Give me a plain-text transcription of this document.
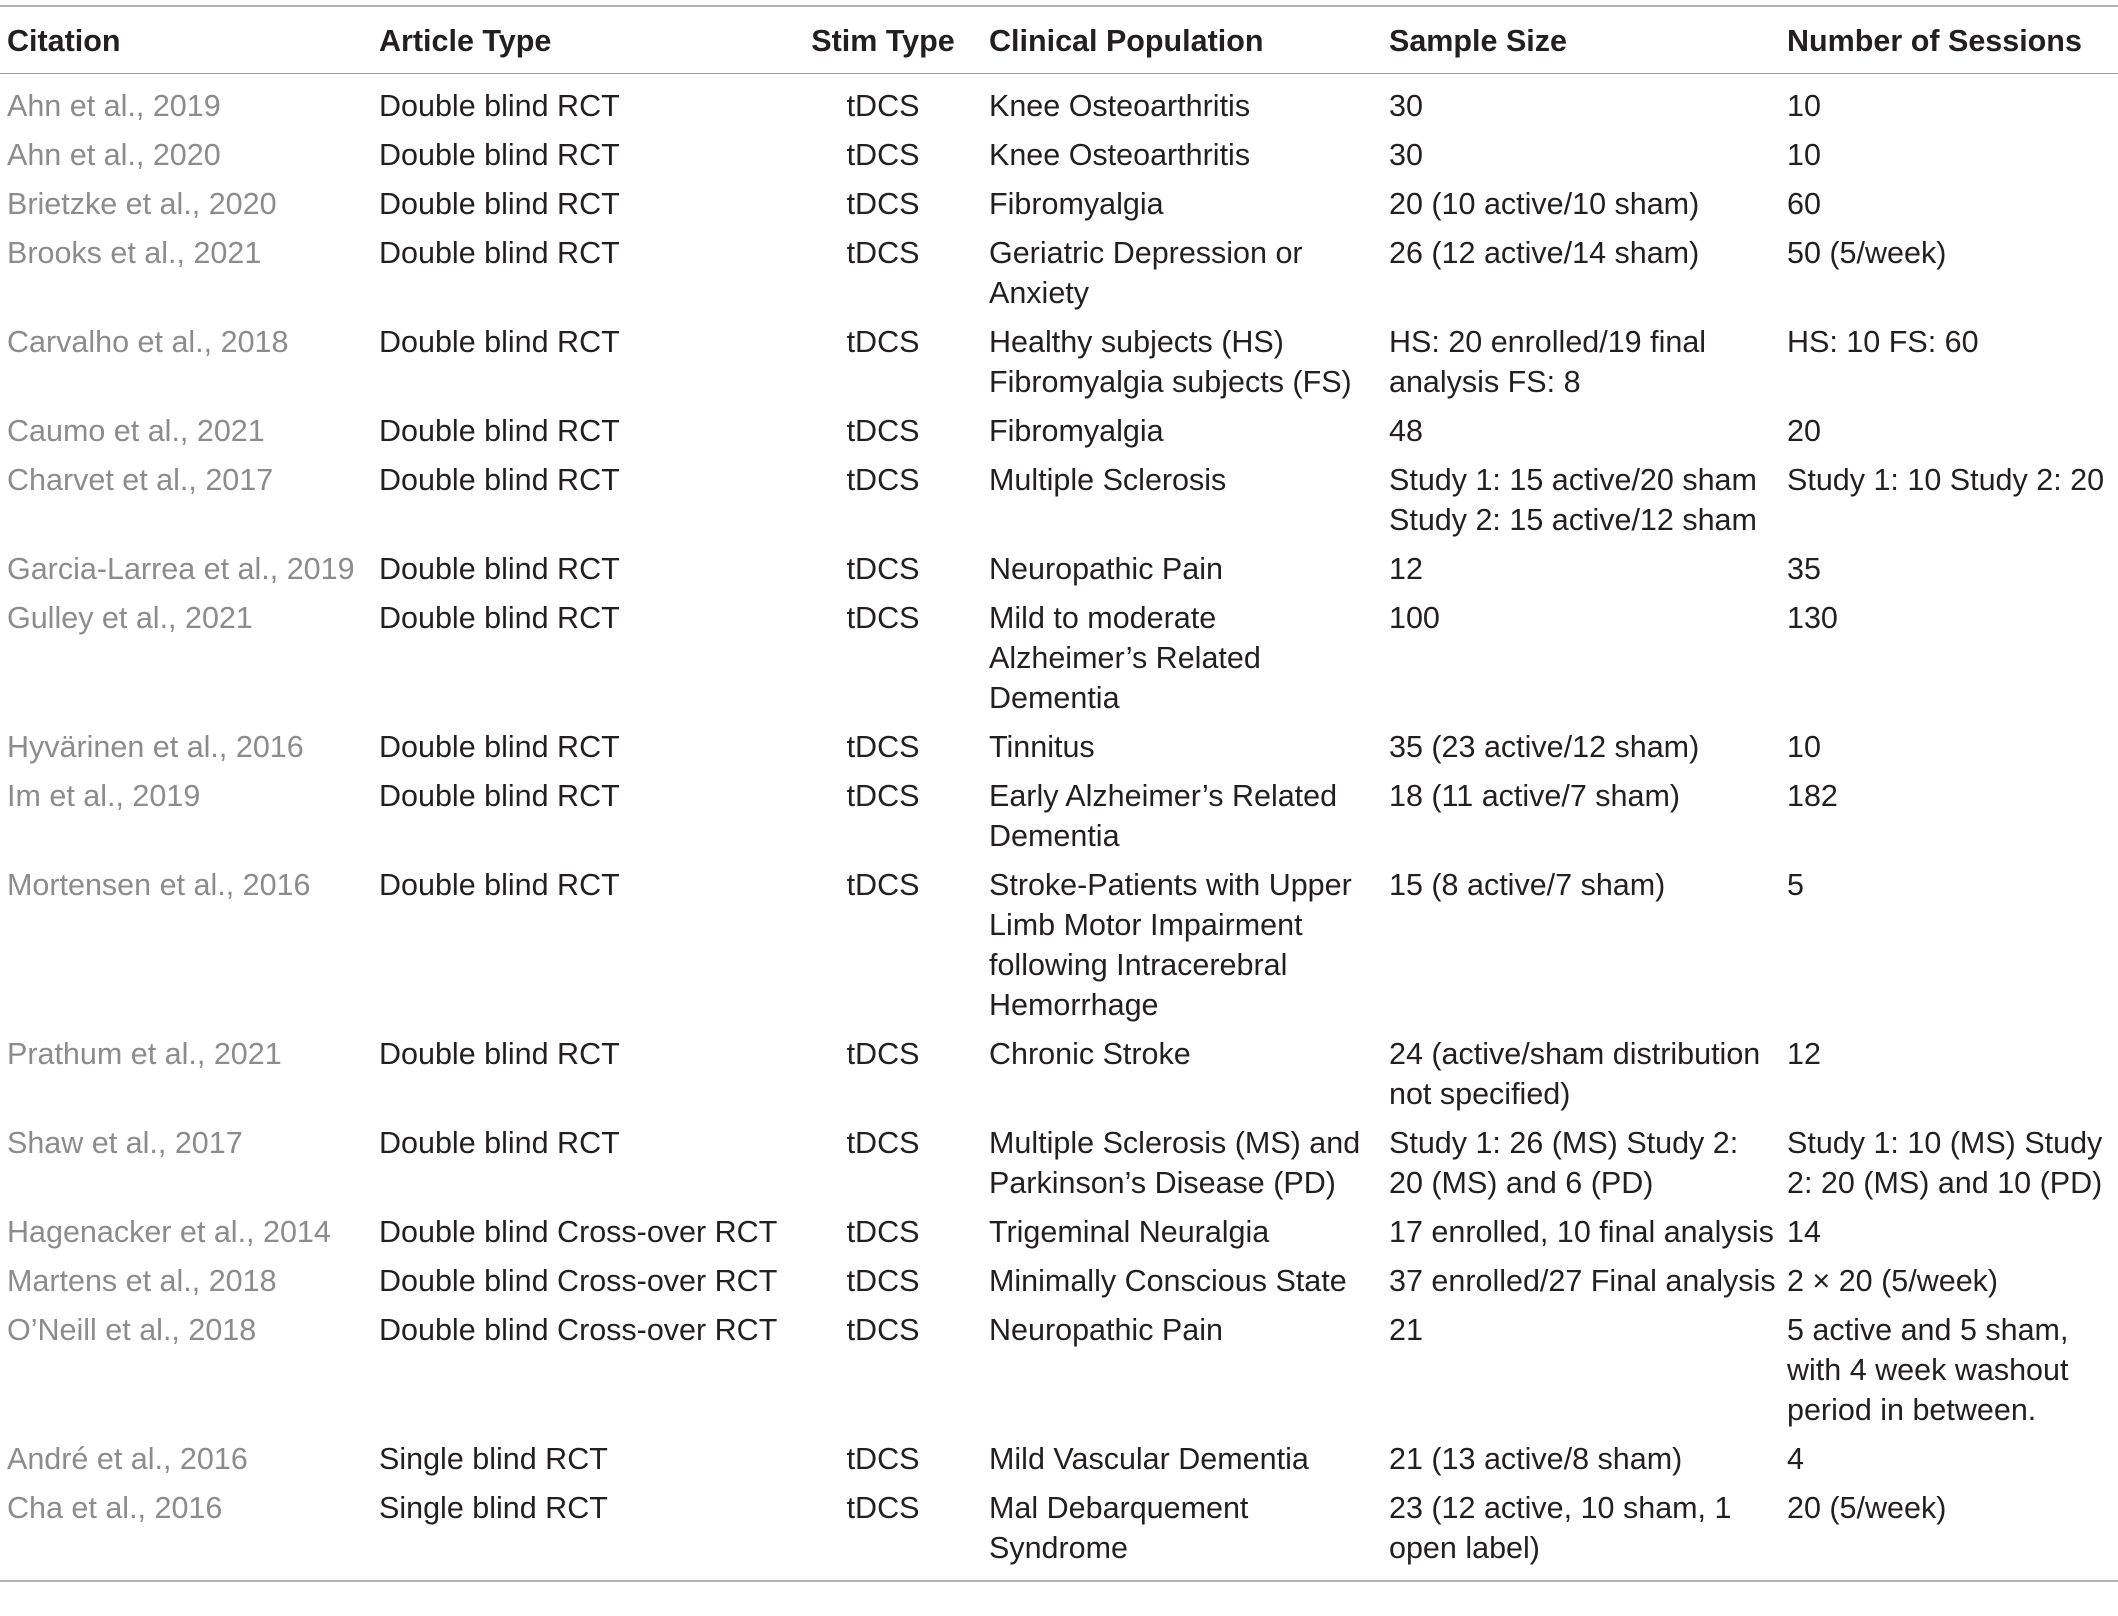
Citation	Article Type	Stim Type	Clinical Population	Sample Size	Number of Sessions
Ahn et al., 2019	Double blind RCT	tDCS	Knee Osteoarthritis	30	10
Ahn et al., 2020	Double blind RCT	tDCS	Knee Osteoarthritis	30	10
Brietzke et al., 2020	Double blind RCT	tDCS	Fibromyalgia	20 (10 active/10 sham)	60
Brooks et al., 2021	Double blind RCT	tDCS	Geriatric Depression or Anxiety	26 (12 active/14 sham)	50 (5/week)
Carvalho et al., 2018	Double blind RCT	tDCS	Healthy subjects (HS) Fibromyalgia subjects (FS)	HS: 20 enrolled/19 final analysis FS: 8	HS: 10 FS: 60
Caumo et al., 2021	Double blind RCT	tDCS	Fibromyalgia	48	20
Charvet et al., 2017	Double blind RCT	tDCS	Multiple Sclerosis	Study 1: 15 active/20 sham Study 2: 15 active/12 sham	Study 1: 10 Study 2: 20
Garcia-Larrea et al., 2019	Double blind RCT	tDCS	Neuropathic Pain	12	35
Gulley et al., 2021	Double blind RCT	tDCS	Mild to moderate Alzheimer’s Related Dementia	100	130
Hyvärinen et al., 2016	Double blind RCT	tDCS	Tinnitus	35 (23 active/12 sham)	10
Im et al., 2019	Double blind RCT	tDCS	Early Alzheimer’s Related Dementia	18 (11 active/7 sham)	182
Mortensen et al., 2016	Double blind RCT	tDCS	Stroke-Patients with Upper Limb Motor Impairment following Intracerebral Hemorrhage	15 (8 active/7 sham)	5
Prathum et al., 2021	Double blind RCT	tDCS	Chronic Stroke	24 (active/sham distribution not specified)	12
Shaw et al., 2017	Double blind RCT	tDCS	Multiple Sclerosis (MS) and Parkinson’s Disease (PD)	Study 1: 26 (MS) Study 2: 20 (MS) and 6 (PD)	Study 1: 10 (MS) Study 2: 20 (MS) and 10 (PD)
Hagenacker et al., 2014	Double blind Cross-over RCT	tDCS	Trigeminal Neuralgia	17 enrolled, 10 final analysis	14
Martens et al., 2018	Double blind Cross-over RCT	tDCS	Minimally Conscious State	37 enrolled/27 Final analysis	2 × 20 (5/week)
O’Neill et al., 2018	Double blind Cross-over RCT	tDCS	Neuropathic Pain	21	5 active and 5 sham, with 4 week washout period in between.
André et al., 2016	Single blind RCT	tDCS	Mild Vascular Dementia	21 (13 active/8 sham)	4
Cha et al., 2016	Single blind RCT	tDCS	Mal Debarquement Syndrome	23 (12 active, 10 sham, 1 open label)	20 (5/week)
